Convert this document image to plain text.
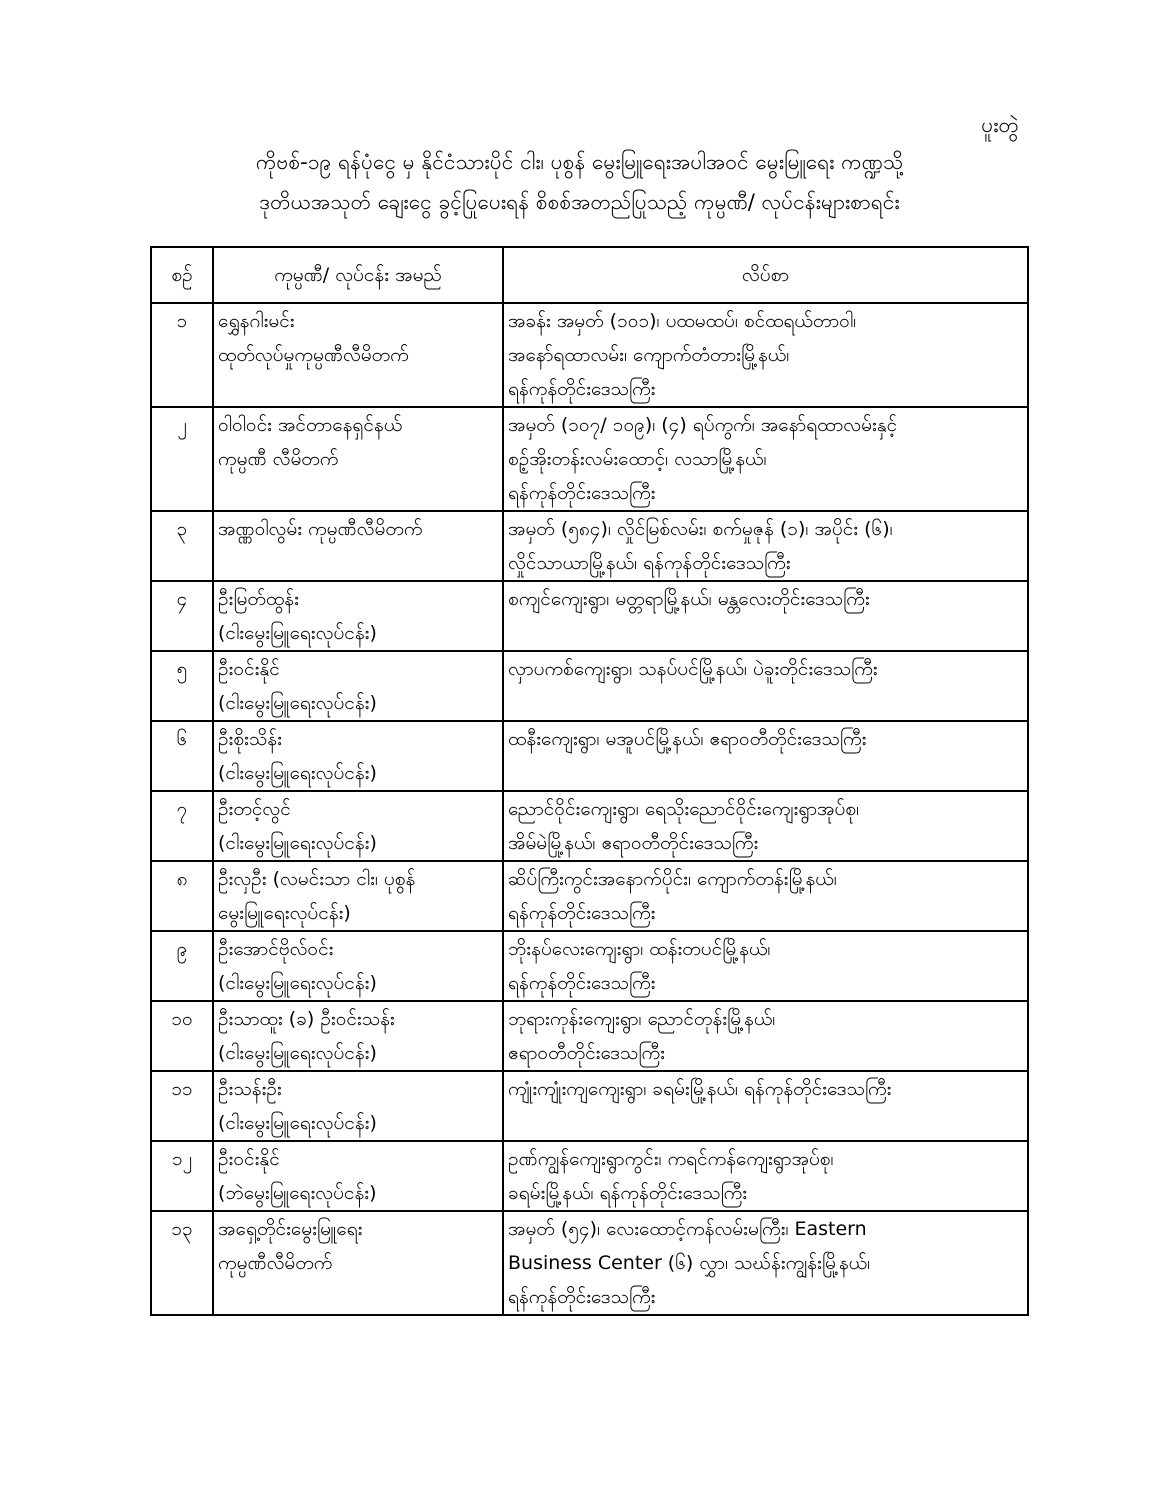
ပူးတွဲ
ကိုဗစ်-၁၉ ရန်ပုံငွေ မှ နိုင်ငံသားပိုင် ငါး၊ ပုစွန် မွေးမြူရေးအပါအဝင် မွေးမြူရေး ကဏ္ဍသို့
ဒုတိယအသုတ် ချေးငွေ ခွင့်ပြုပေးရန် စိစစ်အတည်ပြုသည့် ကုမ္ပဏီ/ လုပ်ငန်းများစာရင်း
စဉ်	ကုမ္ပဏီ/ လုပ်ငန်း အမည်	လိပ်စာ
၁	ရွှေနဂါးမင်း
ထုတ်လုပ်မှုကုမ္ပဏီလီမိတက်	အခန်း အမှတ် (၁၀၁)၊ ပထမထပ်၊ စင်ထရယ်တာဝါ၊
အနော်ရထာလမ်း၊ ကျောက်တံတားမြို့နယ်၊
ရန်ကုန်တိုင်းဒေသကြီး

၂	ဝါဝါဝင်း အင်တာနေရှင်နယ်
ကုမ္ပဏီ လီမိတက်	အမှတ် (၁၀၇/ ၁၀၉)၊ (၄) ရပ်ကွက်၊ အနော်ရထာလမ်းနှင့်
စဥ့်အိုးတန်းလမ်းထောင့်၊ လသာမြို့နယ်၊
ရန်ကုန်တိုင်းဒေသကြီး

၃	အဏ္ဏဝါလွမ်း ကုမ္ပဏီလီမိတက်	အမှတ် (၅၈၄)၊ လှိုင်မြစ်လမ်း၊ စက်မှုဇုန် (၁)၊ အပိုင်း (၆)၊
လှိုင်သာယာမြို့နယ်၊ ရန်ကုန်တိုင်းဒေသကြီး

၄	ဦးမြတ်ထွန်း
(ငါးမွေးမြူရေးလုပ်ငန်း)	စကျင်ကျေးရွာ၊ မတ္တရာမြို့နယ်၊ မန္တလေးတိုင်းဒေသကြီး

၅	ဦးဝင်းနိုင်
(ငါးမွေးမြူရေးလုပ်ငန်း)	လှာပကစ်ကျေးရွာ၊ သနပ်ပင်မြို့နယ်၊ ပဲခူးတိုင်းဒေသကြီး

၆	ဦးစိုးသိန်း
(ငါးမွေးမြူရေးလုပ်ငန်း)	ထနီးကျေးရွာ၊ မအူပင်မြို့နယ်၊ ဧရာဝတီတိုင်းဒေသကြီး

၇	ဦးတင့်လွင်
(ငါးမွေးမြူရေးလုပ်ငန်း)	ညောင်ဝိုင်းကျေးရွာ၊ ရေသိုးညောင်ဝိုင်းကျေးရွာအုပ်စု၊
အိမ်မဲမြို့နယ်၊ ဧရာဝတီတိုင်းဒေသကြီး

၈	ဦးလှဦး (လမင်းသာ ငါး၊ ပုစွန်
မွေးမြူရေးလုပ်ငန်း)	ဆိပ်ကြီးကွင်းအနောက်ပိုင်း၊ ကျောက်တန်းမြို့နယ်၊
ရန်ကုန်တိုင်းဒေသကြီး

၉	ဦးအောင်ဗိုလ်ဝင်း
(ငါးမွေးမြူရေးလုပ်ငန်း)	ဘိုးနပ်လေးကျေးရွာ၊ ထန်းတပင်မြို့နယ်၊
ရန်ကုန်တိုင်းဒေသကြီး

၁၀	ဦးသာထူး (ခ) ဦးဝင်းသန်း
(ငါးမွေးမြူရေးလုပ်ငန်း)	ဘုရားကုန်းကျေးရွာ၊ ညောင်တုန်းမြို့နယ်၊
ဧရာဝတီတိုင်းဒေသကြီး

၁၁	ဦးသန်းဦး
(ငါးမွေးမြူရေးလုပ်ငန်း)	ကျုံးကျုံးကျကျေးရွာ၊ ခရမ်းမြို့နယ်၊ ရန်ကုန်တိုင်းဒေသကြီး

၁၂	ဦးဝင်းနိုင်
(ဘဲမွေးမြူရေးလုပ်ငန်း)	ဥဏ်ကျွန်ကျေးရွာကွင်း၊ ကရင်ကန်ကျေးရွာအုပ်စု၊
ခရမ်းမြို့နယ်၊ ရန်ကုန်တိုင်းဒေသကြီး

၁၃	အရှေ့တိုင်းမွေးမြူရေး
ကုမ္ပဏီလီမိတက်	အမှတ် (၅၄)၊ လေးထောင့်ကန်လမ်းမကြီး၊ Eastern
Business Center (၆) လွှာ၊ သဃ်န်းကျွန်းမြို့နယ်၊
ရန်ကုန်တိုင်းဒေသကြီး
